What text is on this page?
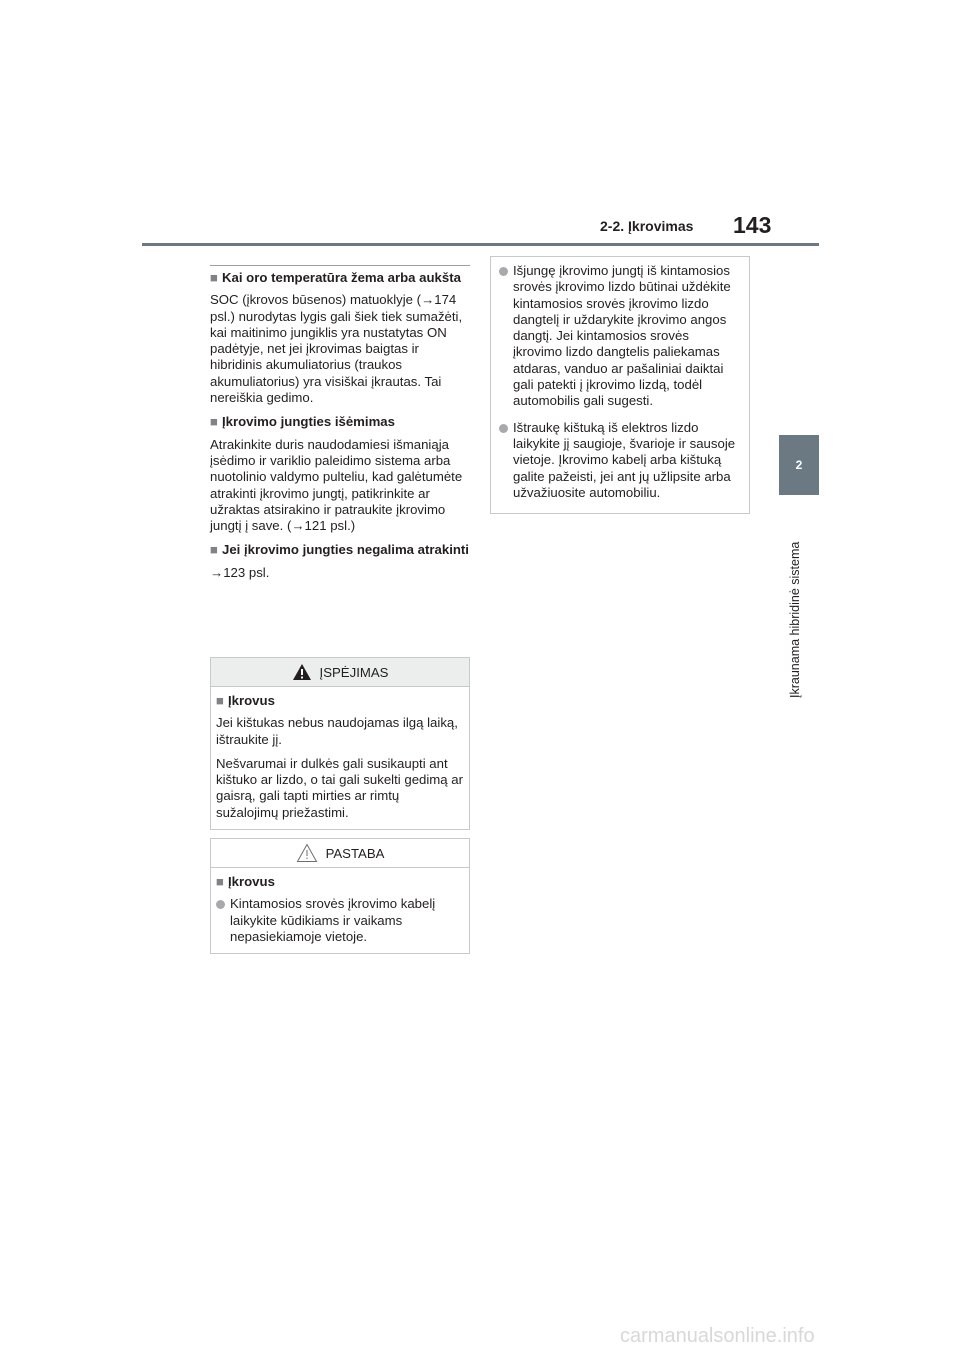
2-2. Įkrovimas 143
2
Įkraunama hibridinė sistema
■ Kai oro temperatūra žema arba aukšta

SOC (įkrovos būsenos) matuoklyje (→174 psl.) nurodytas lygis gali šiek tiek sumažėti, kai maitinimo jungiklis yra nustatytas ON padėtyje, net jei įkrovimas baigtas ir hibridinis akumuliatorius (traukos akumuliatorius) yra visiškai įkrautas. Tai nereiškia gedimo.

■ Įkrovimo jungties išėmimas

Atrakinkite duris naudodamiesi išmaniąja įsėdimo ir variklio paleidimo sistema arba nuotolinio valdymo pulteliu, kad galėtumėte atrakinti įkrovimo jungtį, patikrinkite ar užraktas atsirakino ir patraukite įkrovimo jungtį į save. (→121 psl.)

■ Jei įkrovimo jungties negalima atrakinti

→123 psl.

ĮSPĖJIMAS
■ Įkrovus

Jei kištukas nebus naudojamas ilgą laiką, ištraukite jį.

Nešvarumai ir dulkės gali susikaupti ant kištuko ar lizdo, o tai gali sukelti gedimą ar gaisrą, gali tapti mirties ar rimtų sužalojimų priežastimi.

PASTABA
■ Įkrovus
Kintamosios srovės įkrovimo kabelį laikykite kūdikiams ir vaikams nepasiekiamoje vietoje.
Išjungę įkrovimo jungtį iš kintamosios srovės įkrovimo lizdo būtinai uždėkite kintamosios srovės įkrovimo lizdo dangtelį ir uždarykite įkrovimo angos dangtį. Jei kintamosios srovės įkrovimo lizdo dangtelis paliekamas atdaras, vanduo ar pašaliniai daiktai gali patekti į įkrovimo lizdą, todėl automobilis gali sugesti.
Ištraukę kištuką iš elektros lizdo laikykite jį saugioje, švarioje ir sausoje vietoje. Įkrovimo kabelį arba kištuką galite pažeisti, jei ant jų užlipsite arba užvažiuosite automobiliu.
carmanualsonline.info
